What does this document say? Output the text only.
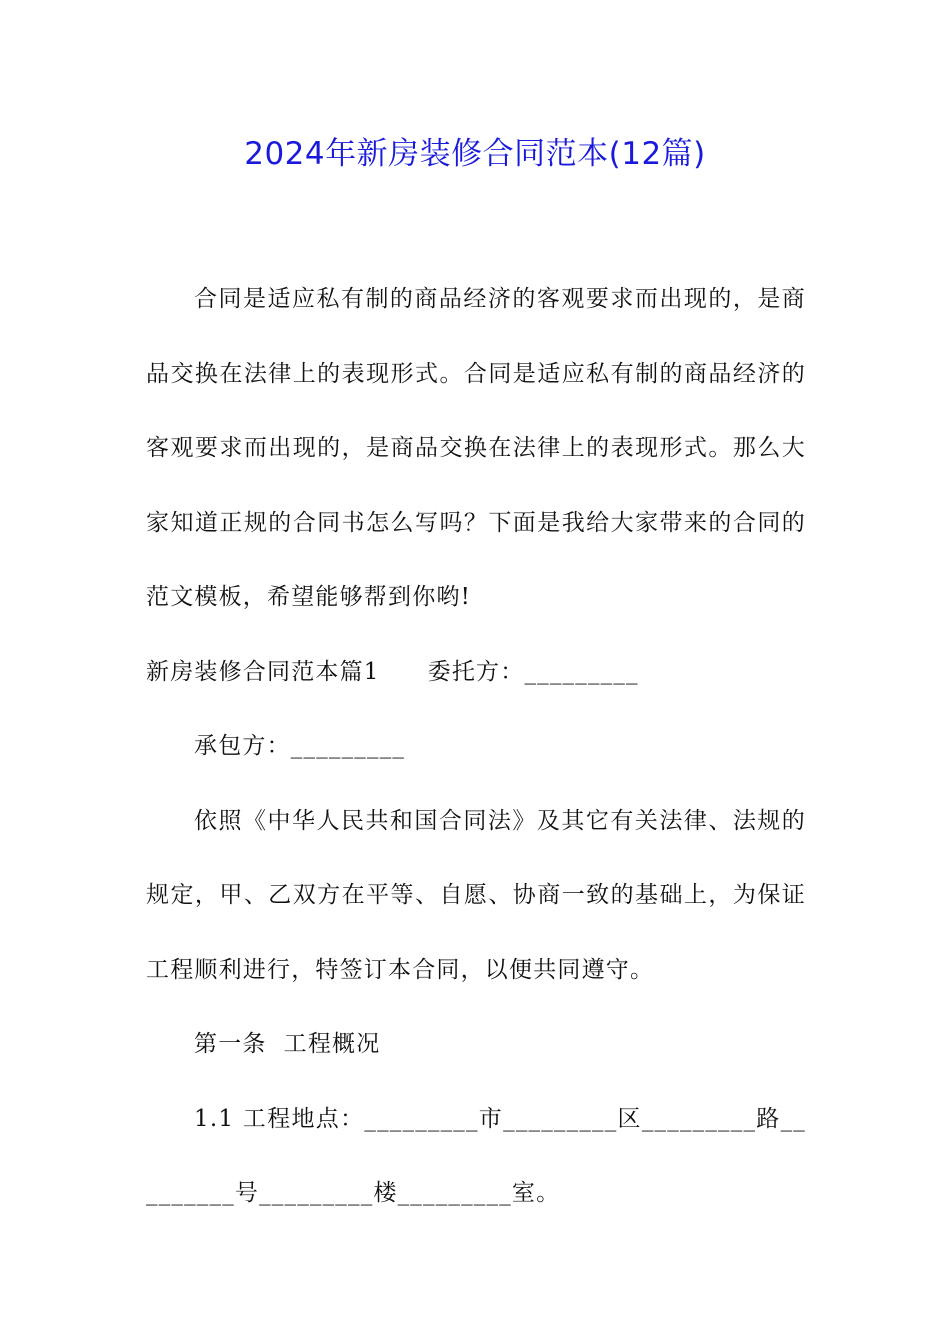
2024年新房装修合同范本(12篇)

合同是适应私有制的商品经济的客观要求而出现的，是商品交换在法律上的表现形式。合同是适应私有制的商品经济的客观要求而出现的，是商品交换在法律上的表现形式。那么大家知道正规的合同书怎么写吗？下面是我给大家带来的合同的范文模板，希望能够帮到你哟!

新房装修合同范本篇1 委托方：_________

承包方：_________

依照《中华人民共和国合同法》及其它有关法律、法规的规定，甲、乙双方在平等、自愿、协商一致的基础上，为保证工程顺利进行，特签订本合同，以便共同遵守。

第一条  工程概况

1.1 工程地点：_________市_________区_________路_________号_________楼_________室。
